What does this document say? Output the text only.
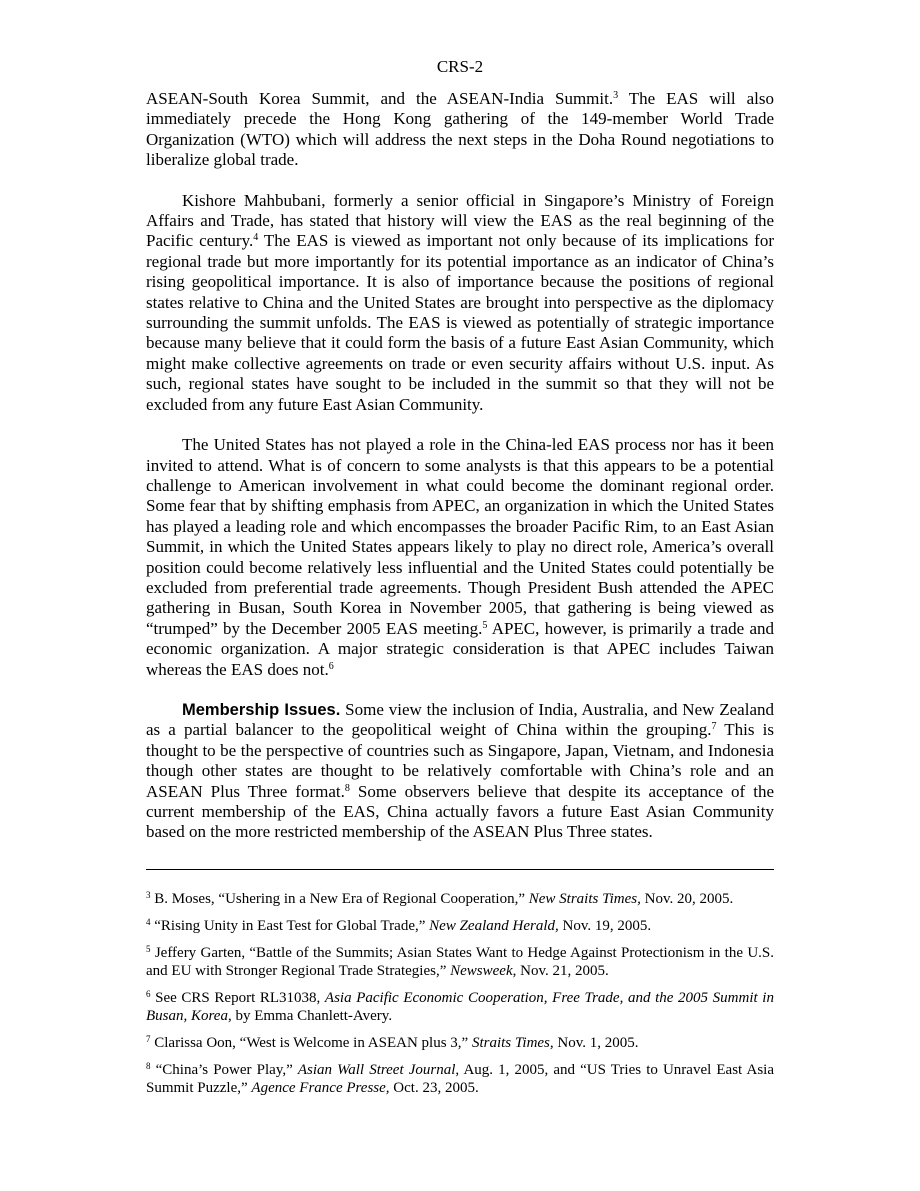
CRS-2

ASEAN-South Korea Summit, and the ASEAN-India Summit.$^3$ The EAS will also immediately precede the Hong Kong gathering of the 149-member World Trade Organization (WTO) which will address the next steps in the Doha Round negotiations to liberalize global trade.

Kishore Mahbubani, formerly a senior official in Singapore’s Ministry of Foreign Affairs and Trade, has stated that history will view the EAS as the real beginning of the Pacific century.$^4$ The EAS is viewed as important not only because of its implications for regional trade but more importantly for its potential importance as an indicator of China’s rising geopolitical importance. It is also of importance because the positions of regional states relative to China and the United States are brought into perspective as the diplomacy surrounding the summit unfolds. The EAS is viewed as potentially of strategic importance because many believe that it could form the basis of a future East Asian Community, which might make collective agreements on trade or even security affairs without U.S. input. As such, regional states have sought to be included in the summit so that they will not be excluded from any future East Asian Community.

The United States has not played a role in the China-led EAS process nor has it been invited to attend. What is of concern to some analysts is that this appears to be a potential challenge to American involvement in what could become the dominant regional order. Some fear that by shifting emphasis from APEC, an organization in which the United States has played a leading role and which encompasses the broader Pacific Rim, to an East Asian Summit, in which the United States appears likely to play no direct role, America’s overall position could become relatively less influential and the United States could potentially be excluded from preferential trade agreements. Though President Bush attended the APEC gathering in Busan, South Korea in November 2005, that gathering is being viewed as “trumped” by the December 2005 EAS meeting.$^5$ APEC, however, is primarily a trade and economic organization. A major strategic consideration is that APEC includes Taiwan whereas the EAS does not.$^6$

Membership Issues. Some view the inclusion of India, Australia, and New Zealand as a partial balancer to the geopolitical weight of China within the grouping.$^7$ This is thought to be the perspective of countries such as Singapore, Japan, Vietnam, and Indonesia though other states are thought to be relatively comfortable with China’s role and an ASEAN Plus Three format.$^8$ Some observers believe that despite its acceptance of the current membership of the EAS, China actually favors a future East Asian Community based on the more restricted membership of the ASEAN Plus Three states.

$^3$ B. Moses, “Ushering in a New Era of Regional Cooperation,” New Straits Times, Nov. 20, 2005.

$^4$ “Rising Unity in East Test for Global Trade,” New Zealand Herald, Nov. 19, 2005.

$^5$ Jeffery Garten, “Battle of the Summits; Asian States Want to Hedge Against Protectionism in the U.S. and EU with Stronger Regional Trade Strategies,” Newsweek, Nov. 21, 2005.

$^6$ See CRS Report RL31038, Asia Pacific Economic Cooperation, Free Trade, and the 2005 Summit in Busan, Korea, by Emma Chanlett-Avery.

$^7$ Clarissa Oon, “West is Welcome in ASEAN plus 3,” Straits Times, Nov. 1, 2005.

$^8$ “China’s Power Play,” Asian Wall Street Journal, Aug. 1, 2005, and “US Tries to Unravel East Asia Summit Puzzle,” Agence France Presse, Oct. 23, 2005.
